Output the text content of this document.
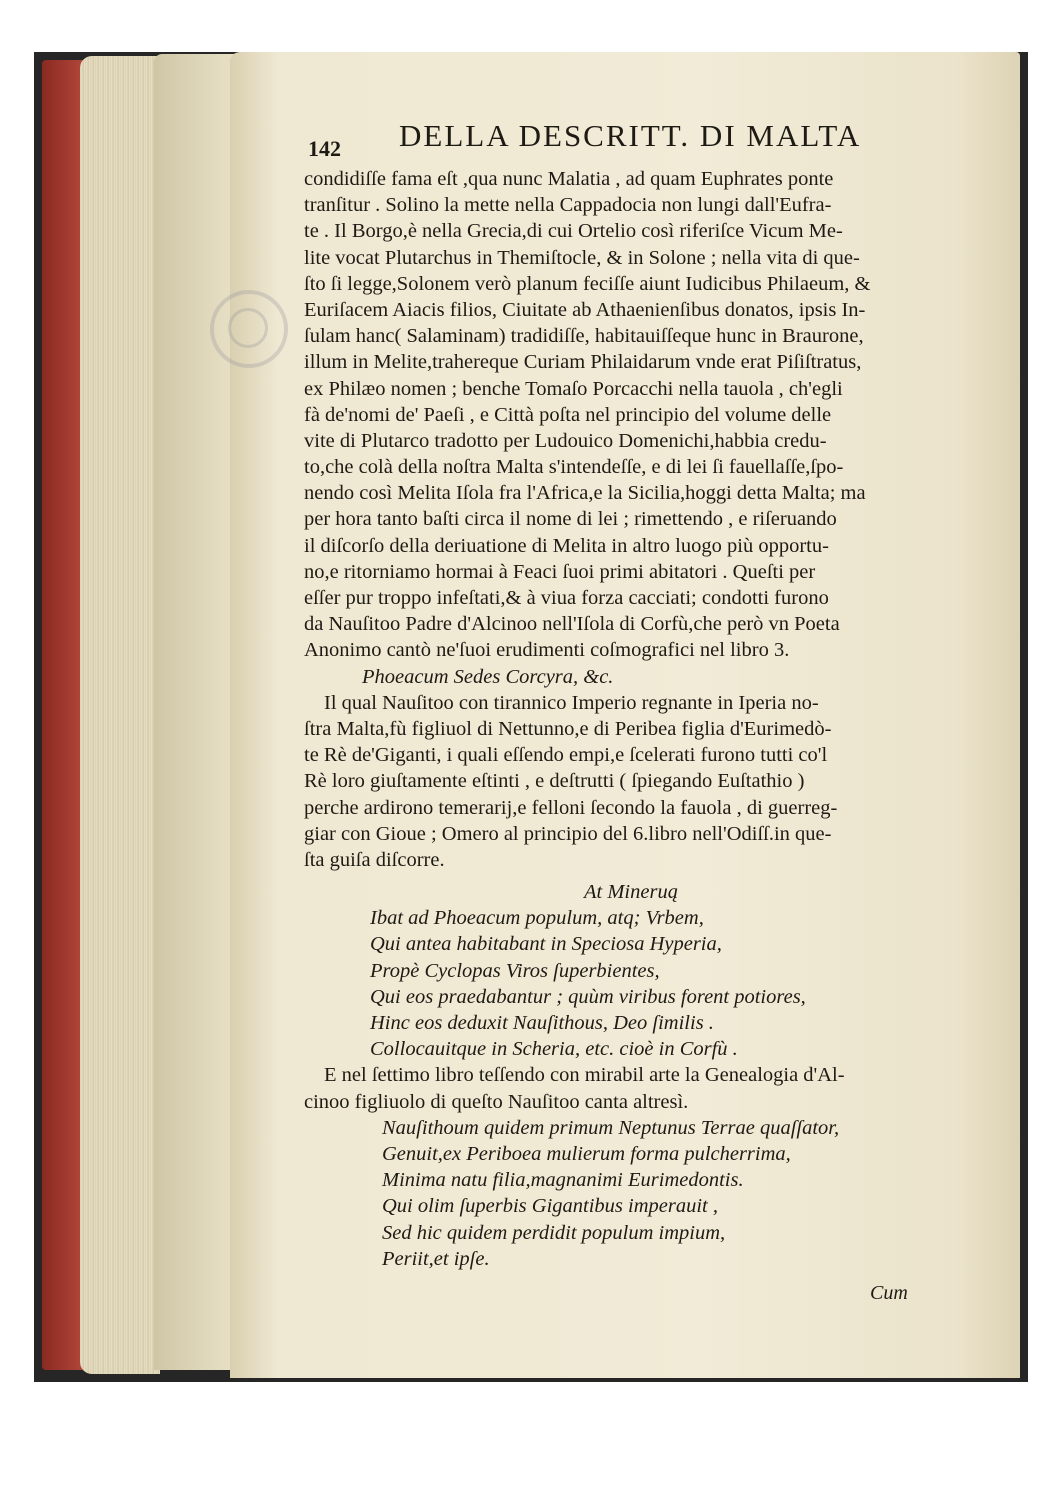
142 DELLA DESCRITT. DI MALTA
condidiſſe fama eſt ,qua nunc Malatia , ad quam Euphrates ponte
tranſitur . Solino la mette nella Cappadocia non lungi dall'Eufra-
te . Il Borgo,è nella Grecia,di cui Ortelio così riferiſce Vicum Me-
lite vocat Plutarchus in Themiſtocle, & in Solone ; nella vita di que-
ſto ſi legge,Solonem verò planum feciſſe aiunt Iudicibus Philaeum, &
Euriſacem Aiacis filios, Ciuitate ab Athaenienſibus donatos, ipsis In-
ſulam hanc( Salaminam) tradidiſſe, habitauiſſeque hunc in Braurone,
illum in Melite,trahereque Curiam Philaidarum vnde erat Piſiſtratus,
ex Philæo nomen ; benche Tomaſo Porcacchi nella tauola , ch'egli
fà de'nomi de' Paeſi , e Città poſta nel principio del volume delle
vite di Plutarco tradotto per Ludouico Domenichi,habbia credu-
to,che colà della noſtra Malta s'intendeſſe, e di lei ſi fauellaſſe,ſpo-
nendo così Melita Iſola fra l'Africa,e la Sicilia,hoggi detta Malta; ma
per hora tanto baſti circa il nome di lei ; rimettendo , e riſeruando
il diſcorſo della deriuatione di Melita in altro luogo più opportu-
no,e ritorniamo hormai à Feaci ſuoi primi abitatori . Queſti per
eſſer pur troppo infeſtati,& à viua forza cacciati; condotti furono
da Nauſitoo Padre d'Alcinoo nell'Iſola di Corfù,che però vn Poeta
Anonimo cantò ne'ſuoi erudimenti coſmografici nel libro 3.
Phoeacum Sedes Corcyra, &c.
Il qual Nauſitoo con tirannico Imperio regnante in Iperia no-
ſtra Malta,fù figliuol di Nettunno,e di Peribea figlia d'Eurimedò-
te Rè de'Giganti, i quali eſſendo empi,e ſcelerati furono tutti co'l
Rè loro giuſtamente eſtinti , e deſtrutti ( ſpiegando Euſtathio )
perche ardirono temerarij,e felloni ſecondo la fauola , di guerreg-
giar con Gioue ; Omero al principio del 6.libro nell'Odiſſ.in que-
ſta guiſa diſcorre.
At Mineruą
Ibat ad Phoeacum populum, atq; Vrbem,
Qui antea habitabant in Speciosa Hyperia,
Propè Cyclopas Viros ſuperbientes,
Qui eos praedabantur ; quùm viribus forent potiores,
Hinc eos deduxit Nauſithous, Deo ſimilis .
Collocauitque in Scheria, etc. cioè in Corfù .
E nel ſettimo libro teſſendo con mirabil arte la Genealogia d'Al-
cinoo figliuolo di queſto Nauſitoo canta altresì.
Nauſithoum quidem primum Neptunus Terrae quaſſator,
Genuit,ex Periboea mulierum forma pulcherrima,
Minima natu filia,magnanimi Eurimedontis.
Qui olim ſuperbis Gigantibus imperauit ,
Sed hic quidem perdidit populum impium,
Periit,et ipſe.
Cum
